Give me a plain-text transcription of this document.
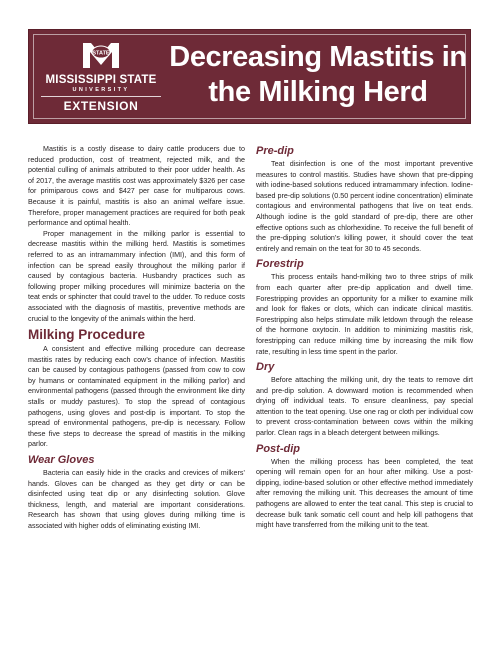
STATE
MISSISSIPPI STATE
UNIVERSITY
EXTENSION
Decreasing Mastitis in
the Milking Herd

Mastitis is a costly disease to dairy cattle producers due to reduced production, cost of treatment, rejected milk, and the potential culling of animals attributed to their poor udder health. As of 2017, the average mastitis cost was approximately $326 per case for primiparous cows and $427 per case for multiparous cows. Because it is painful, mastitis is also an animal welfare issue. Therefore, proper management practices are required for both peak performance and optimal health.

Proper management in the milking parlor is essential to decrease mastitis within the milking herd. Mastitis is sometimes referred to as an intramammary infection (IMI), and this form of infection can be spread easily throughout the milking parlor if caused by contagious bacteria. Husbandry practices such as following proper milking procedures will minimize bacteria on the teat ends or sphincter that could travel to the udder. To reduce costs associated with the diagnosis of mastitis, preventive methods are crucial to the longevity of the animals within the herd.

Milking Procedure

A consistent and effective milking procedure can decrease mastitis rates by reducing each cow’s chance of infection. Mastitis can be caused by contagious pathogens (passed from cow to cow by humans or contaminated equipment in the milking parlor) and environmental pathogens (passed through the environment like dirty stalls or muddy pastures). To stop the spread of contagious pathogens, using gloves and post-dip is important. To stop the spread of environmental pathogens, pre-dip is necessary. Follow these five steps to decrease the spread of mastitis in the milking parlor.

Wear Gloves

Bacteria can easily hide in the cracks and crevices of milkers’ hands. Gloves can be changed as they get dirty or can be disinfected using teat dip or any disinfecting solution. Glove thickness, length, and material are important considerations. Research has shown that using gloves during milking time is associated with higher odds of eliminating existing IMI.

Pre-dip

Teat disinfection is one of the most important preventive measures to control mastitis. Studies have shown that pre-dipping with iodine-based solutions reduced intramammary infection. Iodine-based pre-dip solutions (0.50 percent iodine concentration) eliminate contagious and environmental pathogens that live on teat ends. Although iodine is the gold standard of pre-dip, there are other effective options such as chlorhexidine. To receive the full benefit of the pre-dipping solution’s killing power, it should cover the teat entirely and remain on the teat for 30 to 45 seconds.

Forestrip

This process entails hand-milking two to three strips of milk from each quarter after pre-dip application and dwell time. Forestripping provides an opportunity for a milker to examine milk and look for flakes or clots, which can indicate clinical mastitis. Forestripping also helps stimulate milk letdown through the release of the hormone oxytocin. In addition to minimizing mastitis risk, forestripping can reduce milking time by increasing the milk flow rate, resulting in less time spent in the parlor.

Dry

Before attaching the milking unit, dry the teats to remove dirt and pre-dip solution. A downward motion is recommended when drying off individual teats. To ensure cleanliness, pay special attention to the teat opening. Use one rag or cloth per individual cow to prevent cross-contamination between cows within the milking parlor. Clean rags in a bleach detergent between milkings.

Post-dip

When the milking process has been completed, the teat opening will remain open for an hour after milking. Use a post-dipping, iodine-based solution or other effective method immediately after removing the milking unit. This decreases the amount of time pathogens are allowed to enter the teat canal. This step is crucial to decrease bulk tank somatic cell count and help kill pathogens that might have transferred from the milking unit to the teat.
